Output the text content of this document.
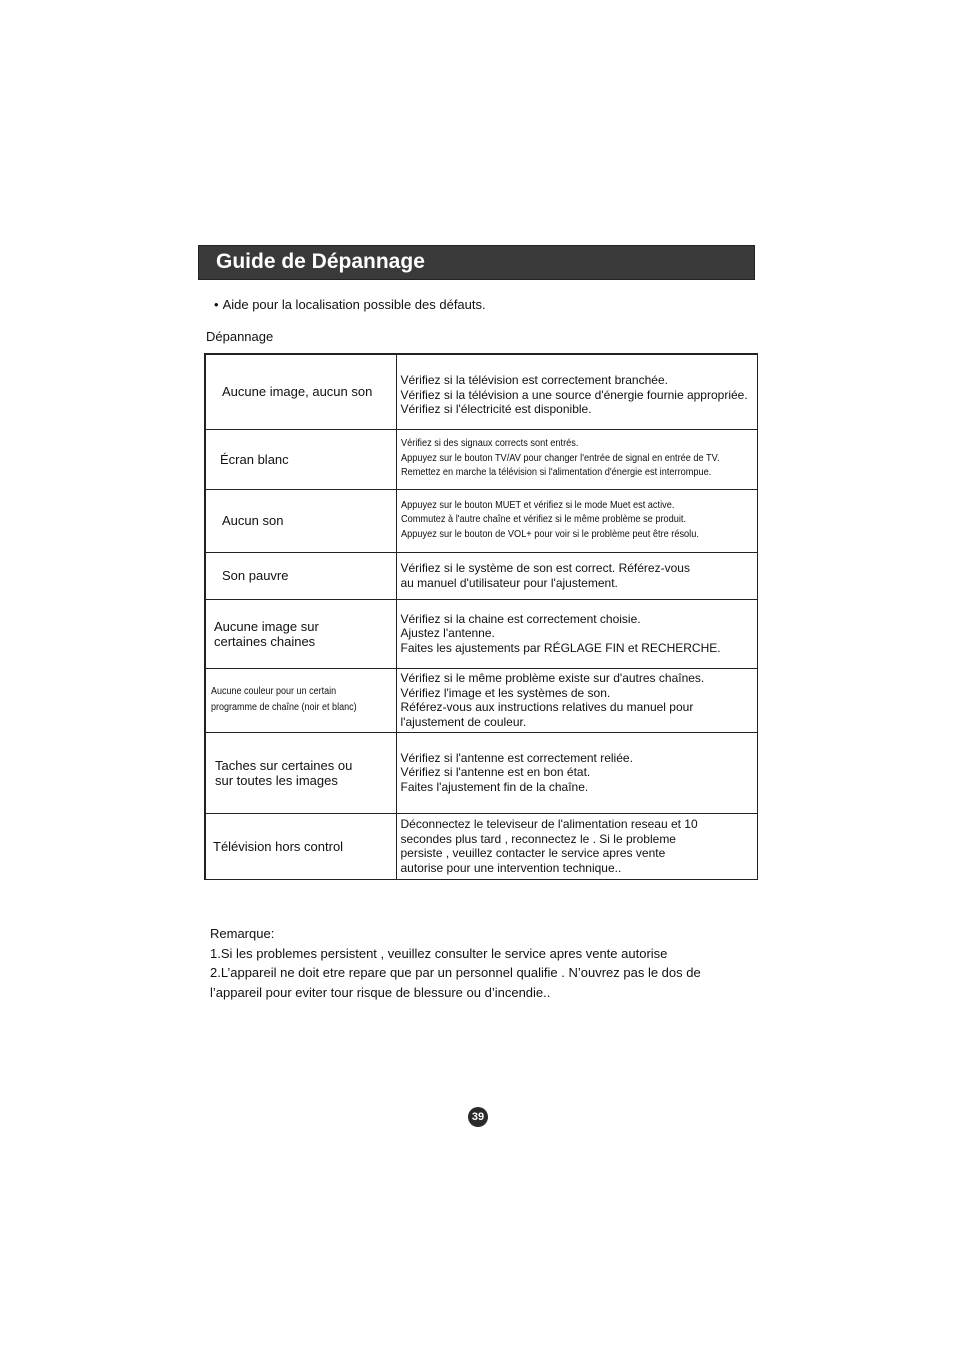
Guide de Dépannage
• Aide pour la localisation possible des défauts.
Dépannage
Aucune image, aucun son	Vérifiez si la télévision est correctement branchée.
Vérifiez si la télévision a une source d'énergie fournie appropriée.
Vérifiez si l'électricité est disponible.

Écran blanc	Vérifiez si des signaux corrects sont entrés.
Appuyez sur le bouton TV/AV pour changer l'entrée de signal en entrée de TV.
Remettez en marche la télévision si l'alimentation d'énergie est interrompue.

Aucun son	Appuyez sur le bouton MUET et vérifiez si le mode Muet est active.
Commutez à l'autre chaîne et vérifiez si le même problème se produit.
Appuyez sur le bouton de VOL+ pour voir si le problème peut être résolu.

Son pauvre	Vérifiez si le système de son est correct. Référez-vous
au manuel d'utilisateur pour l'ajustement.

Aucune image sur
certaines chaines	Vérifiez si la chaine est correctement choisie.
Ajustez l'antenne.
Faites les ajustements par RÉGLAGE FIN et RECHERCHE.

Aucune couleur pour un certain
programme de chaîne (noir et blanc)	Vérifiez si le même problème existe sur d'autres chaînes.
Vérifiez l'image et les systèmes de son.
Référez-vous aux instructions relatives du manuel pour
l'ajustement de couleur.

Taches sur certaines ou
sur toutes les images	Vérifiez si l'antenne est correctement reliée.
Vérifiez si l'antenne est en bon état.
Faites l'ajustement fin de la chaîne.

Télévision hors control	Déconnectez le televiseur de l'alimentation reseau et 10
secondes plus tard , reconnectez le . Si le probleme
persiste , veuillez contacter le service apres vente
autorise pour une intervention technique..
Remarque:
1.Si les problemes persistent , veuillez consulter le service apres vente autorise
2.L’appareil ne doit etre repare que par un personnel qualifie . N’ouvrez pas le dos de
l’appareil pour eviter tour risque de blessure ou d’incendie..
39
